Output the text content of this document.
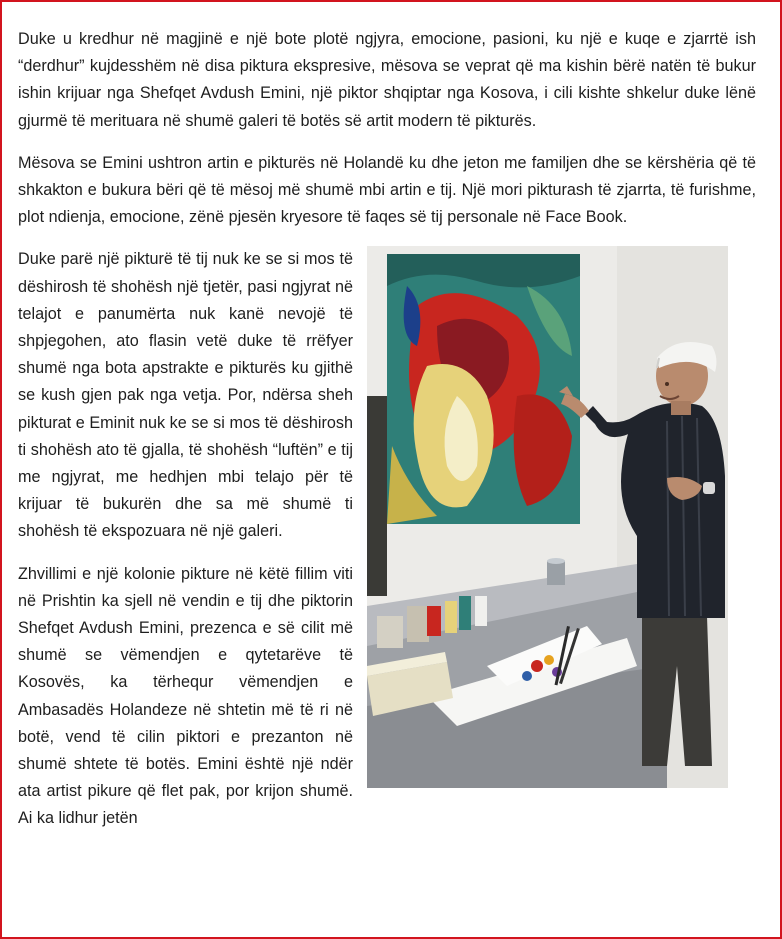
Duke u kredhur në magjinë e një bote plotë ngjyra, emocione, pasioni, ku një e kuqe e zjarrtë ish “derdhur” kujdesshëm në disa piktura ekspresive, mësova se veprat që ma kishin bërë natën të bukur ishin krijuar nga Shefqet Avdush Emini, një piktor shqiptar nga Kosova, i cili kishte shkelur duke lënë gjurmë të merituara në shumë galeri të botës së artit modern të pikturës.

Mësova se Emini ushtron artin e pikturës në Holandë ku dhe jeton me familjen dhe se kërshëria që të shkakton e bukura bëri që të mësoj më shumë mbi artin e tij. Një mori pikturash të zjarrta, të furishme, plot ndienja, emocione, zënë pjesën kryesore të faqes së tij personale në Face Book.

Duke parë një pikturë të tij nuk ke se si mos të dëshirosh të shohësh një tjetër, pasi ngjyrat në telajot e panumërta nuk kanë nevojë të shpjegohen, ato flasin vetë duke të rrëfyer shumë nga bota apstrakte e pikturës ku gjithë se kush gjen pak nga vetja. Por, ndërsa sheh pikturat e Eminit nuk ke se si mos të dëshirosh ti shohësh ato të gjalla, të shohësh “luftën” e tij me ngjyrat, me hedhjen mbi telajo për të krijuar të bukurën dhe sa më shumë ti shohësh të ekspozuara në një galeri.

Zhvillimi e një kolonie pikture në këtë fillim viti në Prishtin ka sjell në vendin e tij dhe piktorin Shefqet Avdush Emini, prezenca e së cilit më shumë se vëmendjen e qytetarëve të Kosovës, ka tërhequr vëmendjen e Ambasadës Holandeze në shtetin më të ri në botë, vend të cilin piktori e prezanton në shumë shtete të botës. Emini është një ndër ata artist pikure që flet pak, por krijon shumë. Ai ka lidhur jetën
